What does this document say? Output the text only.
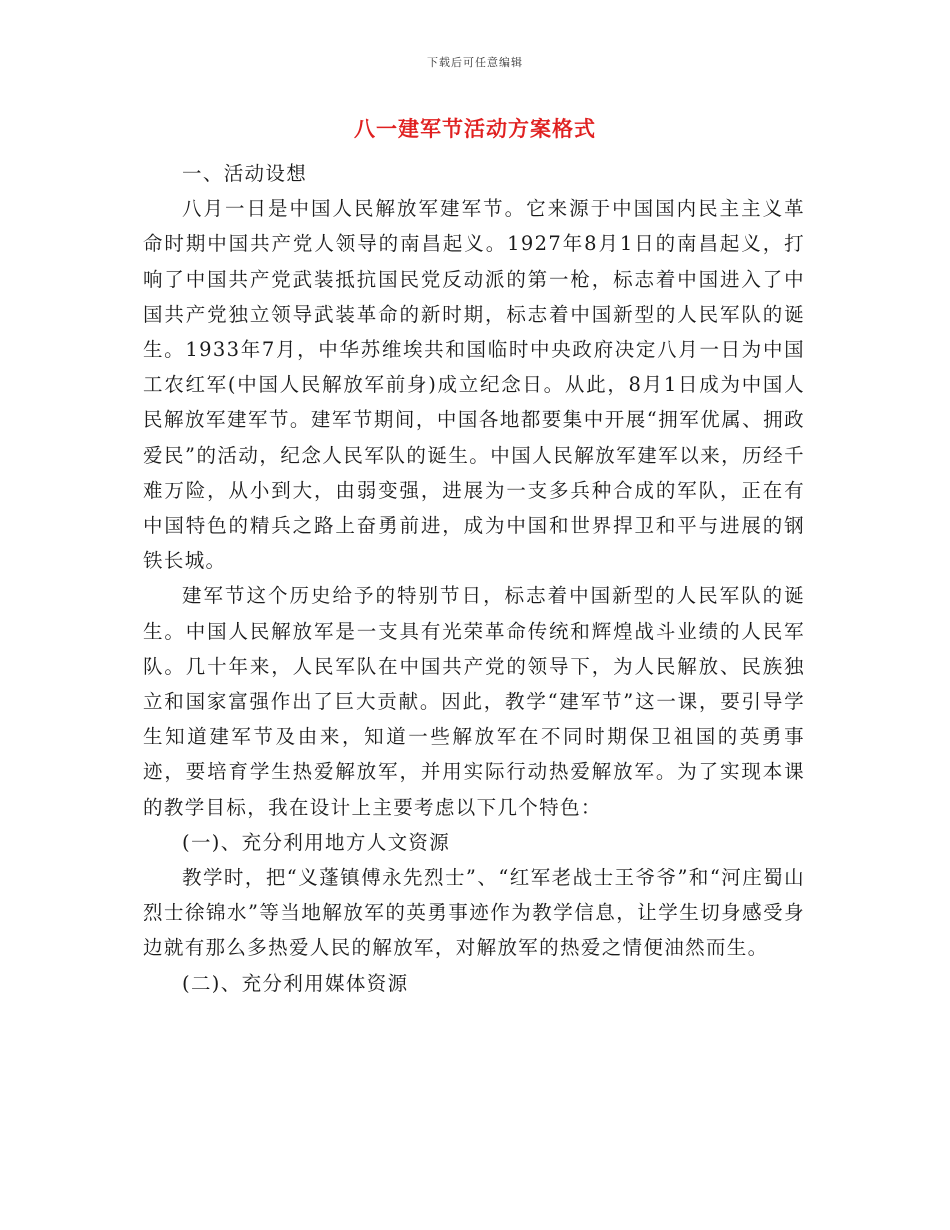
下载后可任意编辑
八一建军节活动方案格式

一、活动设想

八月一日是中国人民解放军建军节。它来源于中国国内民主主义革命时期中国共产党人领导的南昌起义。1927年8月1日的南昌起义，打响了中国共产党武装抵抗国民党反动派的第一枪，标志着中国进入了中国共产党独立领导武装革命的新时期，标志着中国新型的人民军队的诞生。1933年7月，中华苏维埃共和国临时中央政府决定八月一日为中国工农红军(中国人民解放军前身)成立纪念日。从此，8月1日成为中国人民解放军建军节。建军节期间，中国各地都要集中开展“拥军优属、拥政爱民”的活动，纪念人民军队的诞生。中国人民解放军建军以来，历经千难万险，从小到大，由弱变强，进展为一支多兵种合成的军队，正在有中国特色的精兵之路上奋勇前进，成为中国和世界捍卫和平与进展的钢铁长城。

建军节这个历史给予的特别节日，标志着中国新型的人民军队的诞生。中国人民解放军是一支具有光荣革命传统和辉煌战斗业绩的人民军队。几十年来，人民军队在中国共产党的领导下，为人民解放、民族独立和国家富强作出了巨大贡献。因此，教学“建军节”这一课，要引导学生知道建军节及由来，知道一些解放军在不同时期保卫祖国的英勇事迹，要培育学生热爱解放军，并用实际行动热爱解放军。为了实现本课的教学目标，我在设计上主要考虑以下几个特色：

(一)、充分利用地方人文资源

教学时，把“义蓬镇傅永先烈士”、“红军老战士王爷爷”和“河庄蜀山烈士徐锦水”等当地解放军的英勇事迹作为教学信息，让学生切身感受身边就有那么多热爱人民的解放军，对解放军的热爱之情便油然而生。

(二)、充分利用媒体资源
